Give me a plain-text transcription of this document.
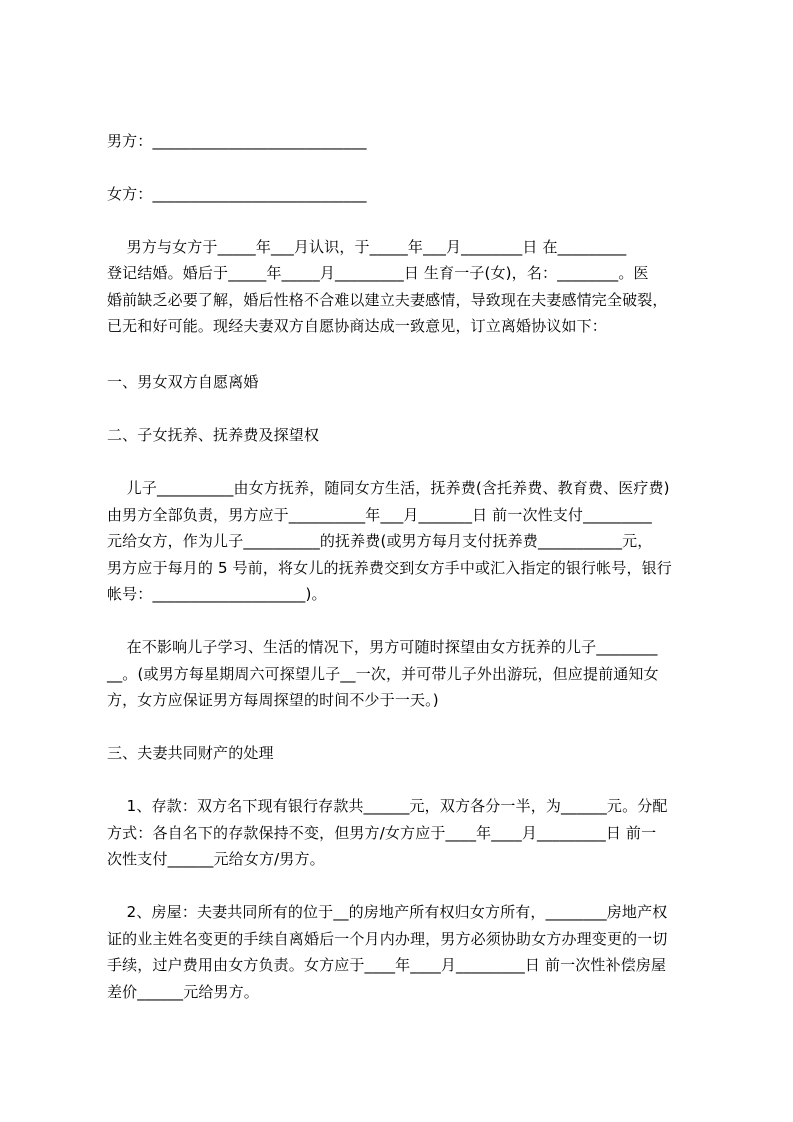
男方：____________________________
女方：____________________________
男方与女方于_____年___月认识，于_____年___月________日 在_________
登记结婚。婚后于_____年_____月_________日 生育一子(女)，名：________。医
婚前缺乏必要了解，婚后性格不合难以建立夫妻感情，导致现在夫妻感情完全破裂，
已无和好可能。现经夫妻双方自愿协商达成一致意见，订立离婚协议如下：
一、男女双方自愿离婚
二、子女抚养、抚养费及探望权
儿子__________由女方抚养，随同女方生活，抚养费(含托养费、教育费、医疗费)
由男方全部负责，男方应于__________年___月_______日 前一次性支付_________
元给女方，作为儿子__________的抚养费(或男方每月支付抚养费___________元，
男方应于每月的 5 号前，将女儿的抚养费交到女方手中或汇入指定的银行帐号，银行
帐号：____________________)。
在不影响儿子学习、生活的情况下，男方可随时探望由女方抚养的儿子________
__。(或男方每星期周六可探望儿子__一次，并可带儿子外出游玩，但应提前通知女
方，女方应保证男方每周探望的时间不少于一天。)
三、夫妻共同财产的处理
1、存款：双方名下现有银行存款共______元，双方各分一半，为______元。分配
方式：各自名下的存款保持不变，但男方/女方应于____年____月_________日 前一
次性支付______元给女方/男方。
2、房屋：夫妻共同所有的位于__的房地产所有权归女方所有，________房地产权
证的业主姓名变更的手续自离婚后一个月内办理，男方必须协助女方办理变更的一切
手续，过户费用由女方负责。女方应于____年____月_________日 前一次性补偿房屋
差价______元给男方。
